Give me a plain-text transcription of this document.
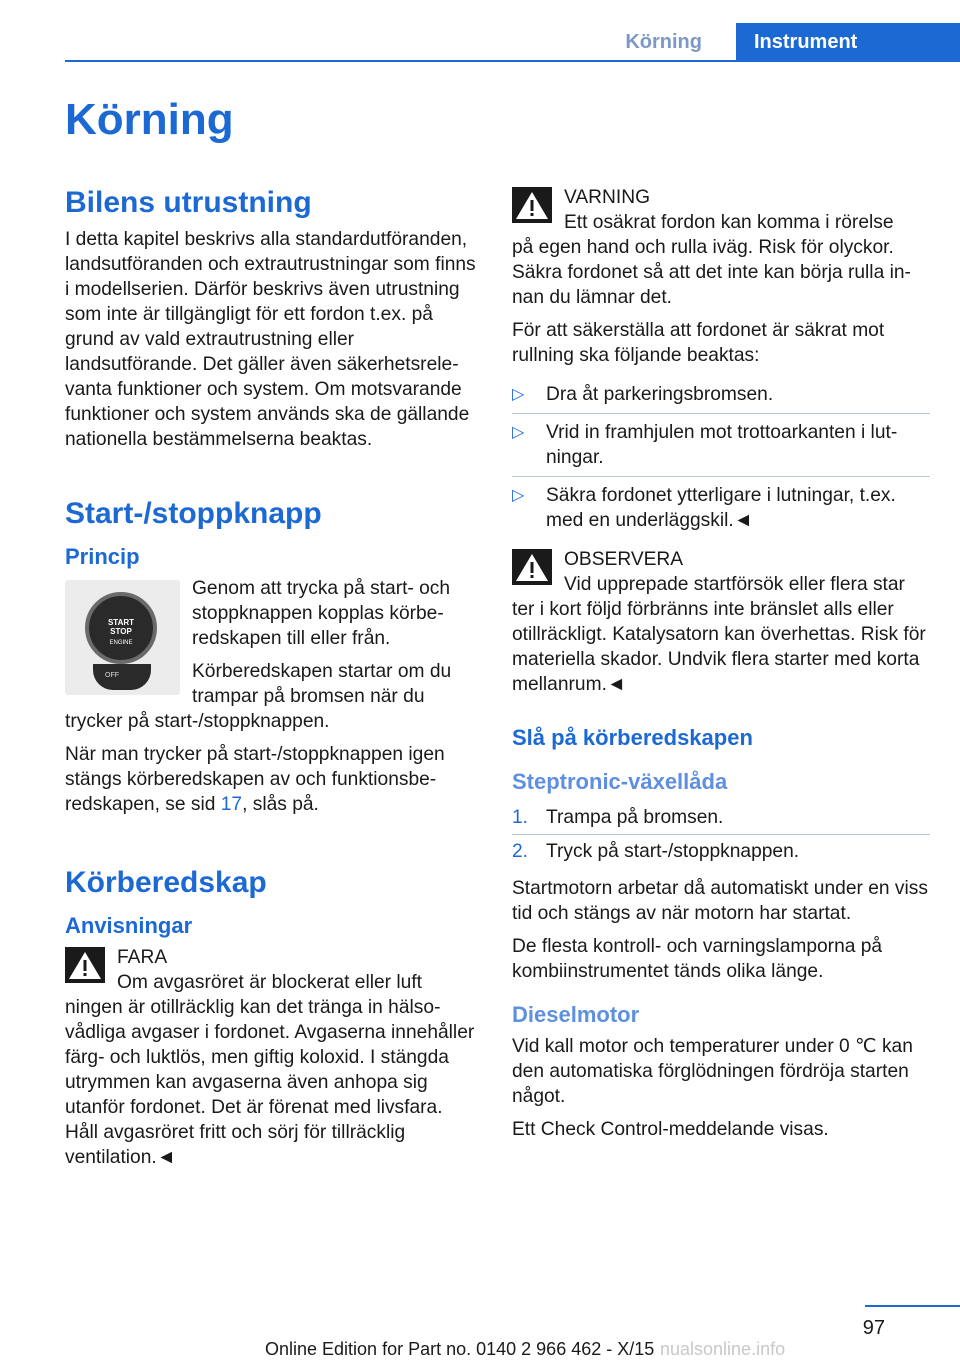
Körning	Instrument
Körning
Bilens utrustning

I detta kapitel beskrivs alla standardutföranden, landsutföranden och extrautrustningar som finns i modellserien. Därför beskrivs även utrustning som inte är tillgängligt för ett fordon t.ex. på grund av vald extrautrustning eller landsutförande. Det gäller även säkerhetsrelevanta funktioner och system. Om motsvarande funktioner och system används ska de gällande nationella bestämmelserna beaktas.

Start-/stoppknapp
Princip
START
STOP
ENGINE
OFF

Genom att trycka på start- och stoppknappen kopplas körberedskapen till eller från.

Körberedskapen startar om du trampar på bromsen när du trycker på start-/stoppknappen.

När man trycker på start-/stoppknappen igen stängs körberedskapen av och funktionsberedskapen, se sid 17, slås på.

Körberedskap
Anvisningar
FARA
Om avgasröret är blockerat eller luft
ningen är otillräcklig kan det tränga in hälsovådliga avgaser i fordonet. Avgaserna innehåller färg- och luktlös, men giftig koloxid. I stängda utrymmen kan avgaserna även anhopa sig utanför fordonet. Det är förenat med livsfara. Håll avgasröret fritt och sörj för tillräcklig ventilation.◄
VARNING
Ett osäkrat fordon kan komma i rörelse
på egen hand och rulla iväg. Risk för olyckor. Säkra fordonet så att det inte kan börja rulla innan du lämnar det.

För att säkerställa att fordonet är säkrat mot rullning ska följande beaktas:

▷ Dra åt parkeringsbromsen.
▷ Vrid in framhjulen mot trottoarkanten i lutningar.
▷ Säkra fordonet ytterligare i lutningar, t.ex. med en underläggskil.◄
OBSERVERA
Vid upprepade startförsök eller flera star
ter i kort följd förbränns inte bränslet alls eller otillräckligt. Katalysatorn kan överhettas. Risk för materiella skador. Undvik flera starter med korta mellanrum.◄
Slå på körberedskapen
Steptronic-växellåda
1. Trampa på bromsen.
2. Tryck på start-/stoppknappen.

Startmotorn arbetar då automatiskt under en viss tid och stängs av när motorn har startat.

De flesta kontroll- och varningslamporna på kombiinstrumentet tänds olika länge.

Dieselmotor

Vid kall motor och temperaturer under 0 ℃ kan den automatiska förglödningen fördröja starten något.

Ett Check Control-meddelande visas.

97
Online Edition for Part no. 0140 2 966 462 - X/15 nualsonline.info
